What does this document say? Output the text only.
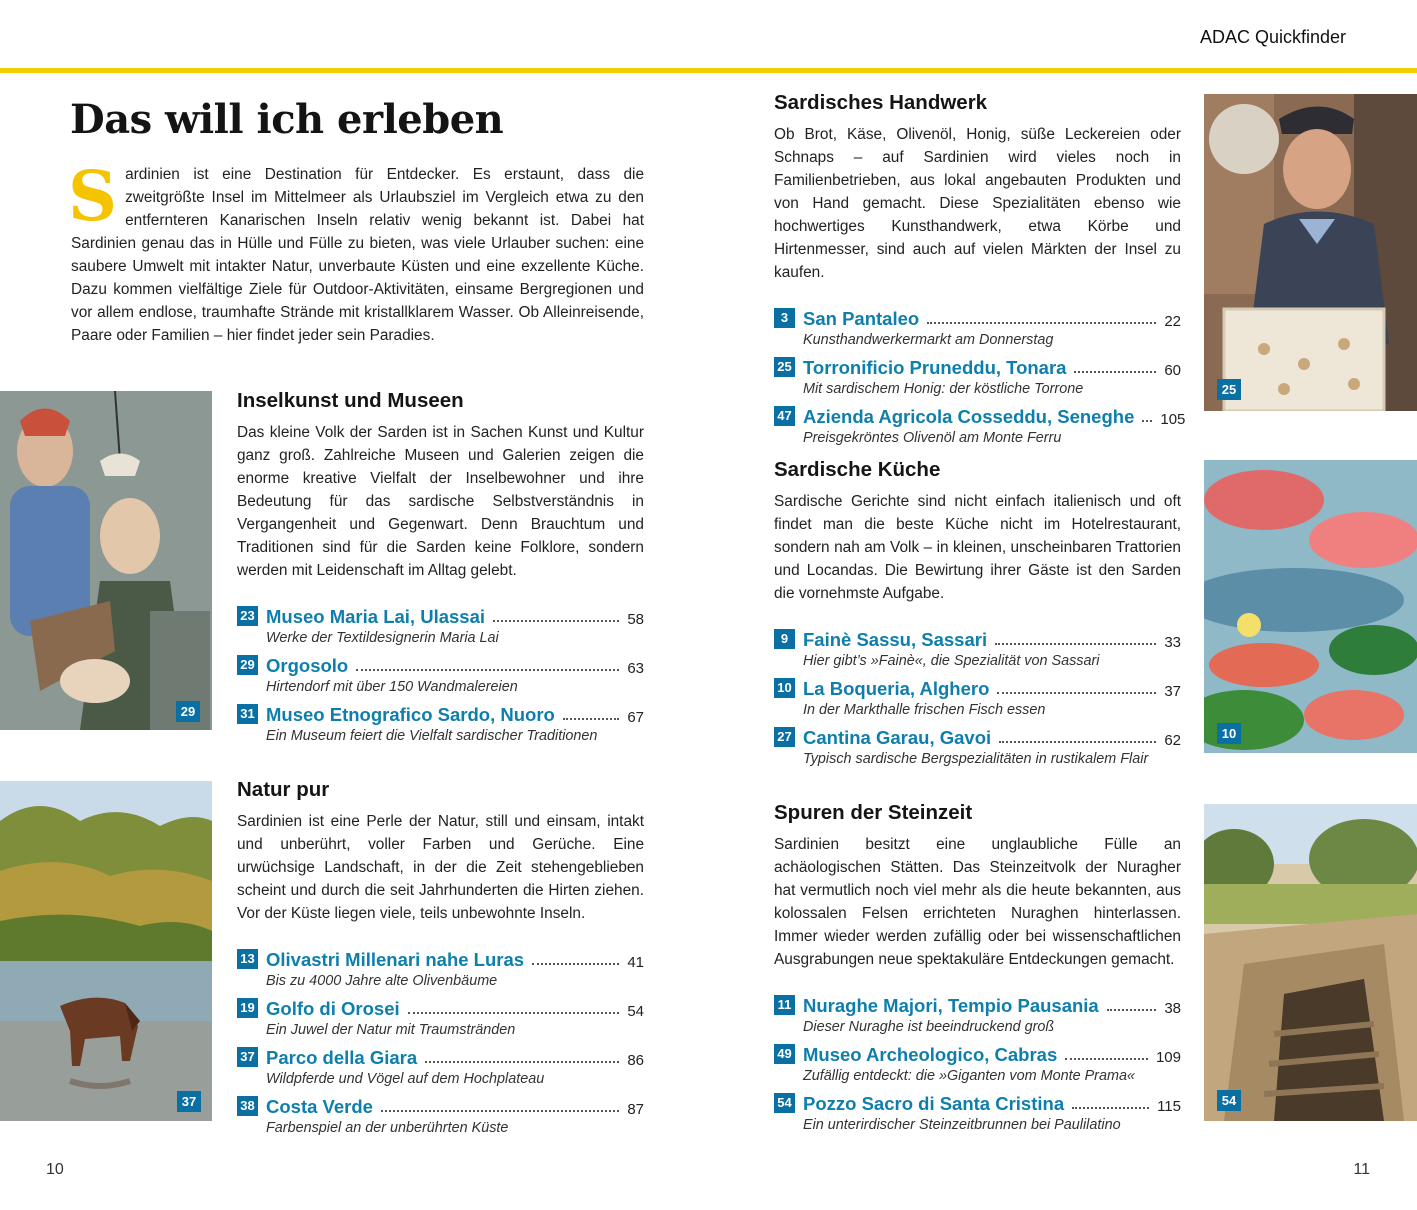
ADAC Quickfinder
Das will ich erleben

Sardinien ist eine Destination für Entdecker. Es erstaunt, dass die zweitgrößte Insel im Mittelmeer als Urlaubsziel im Vergleich etwa zu den entfernteren Kanarischen Inseln relativ wenig bekannt ist. Dabei hat Sardinien genau das in Hülle und Fülle zu bieten, was viele Urlauber suchen: eine saubere Umwelt mit intakter Natur, unverbaute Küsten und eine exzellente Küche. Dazu kommen vielfältige Ziele für Outdoor-Aktivitäten, einsame Bergregionen und vor allem endlose, traumhafte Strände mit kristallklarem Wasser. Ob Alleinreisende, Paare oder Familien – hier findet jeder sein Paradies.

29
37
25
10
54
Inselkunst und Museen

Das kleine Volk der Sarden ist in Sachen Kunst und Kultur ganz groß. Zahlreiche Museen und Galerien zeigen die enorme kreative Vielfalt der Inselbewohner und ihre Bedeutung für das sardische Selbstverständnis in Vergangenheit und Gegenwart. Denn Brauchtum und Traditionen sind für die Sarden keine Folklore, sondern werden mit Leidenschaft im Alltag gelebt.

23 Museo Maria Lai, Ulassai	58
Werke der Textildesignerin Maria Lai
29 Orgosolo	63
Hirtendorf mit über 150 Wandmalereien
31 Museo Etnografico Sardo, Nuoro	67
Ein Museum feiert die Vielfalt sardischer Traditionen
Natur pur

Sardinien ist eine Perle der Natur, still und einsam, intakt und unberührt, voller Farben und Gerüche. Eine urwüchsige Landschaft, in der die Zeit stehengeblieben scheint und durch die seit Jahrhunderten die Hirten ziehen. Vor der Küste liegen viele, teils unbewohnte Inseln.

13 Olivastri Millenari nahe Luras	41
Bis zu 4000 Jahre alte Olivenbäume
19 Golfo di Orosei	54
Ein Juwel der Natur mit Traumstränden
37 Parco della Giara	86
Wildpferde und Vögel auf dem Hochplateau
38 Costa Verde	87
Farbenspiel an der unberührten Küste
Sardisches Handwerk

Ob Brot, Käse, Olivenöl, Honig, süße Leckereien oder Schnaps – auf Sardinien wird vieles noch in Familienbetrieben, aus lokal angebauten Produkten und von Hand gemacht. Diese Spezialitäten ebenso wie hochwertiges Kunsthandwerk, etwa Körbe und Hirtenmesser, sind auch auf vielen Märkten der Insel zu kaufen.

3 San Pantaleo	22
Kunsthandwerkermarkt am Donnerstag
25 Torronificio Pruneddu, Tonara	60
Mit sardischem Honig: der köstliche Torrone
47 Azienda Agricola Cosseddu, Seneghe 105
Preisgekröntes Olivenöl am Monte Ferru
Sardische Küche

Sardische Gerichte sind nicht einfach italienisch und oft findet man die beste Küche nicht im Hotelrestaurant, sondern nah am Volk – in kleinen, unscheinbaren Trattorien und Locandas. Die Bewirtung ihrer Gäste ist den Sarden die vornehmste Aufgabe.

9 Fainè Sassu, Sassari	33
Hier gibt’s »Fainè«, die Spezialität von Sassari
10 La Boqueria, Alghero	37
In der Markthalle frischen Fisch essen
27 Cantina Garau, Gavoi	62
Typisch sardische Bergspezialitäten in rustikalem Flair
Spuren der Steinzeit

Sardinien besitzt eine unglaubliche Fülle an achäologischen Stätten. Das Steinzeitvolk der Nuragher hat vermutlich noch viel mehr als die heute bekannten, aus kolossalen Felsen errichteten Nuraghen hinterlassen. Immer wieder werden zufällig oder bei wissenschaftlichen Ausgrabungen neue spektakuläre Entdeckungen gemacht.

11 Nuraghe Majori, Tempio Pausania	38
Dieser Nuraghe ist beeindruckend groß
49 Museo Archeologico, Cabras	109
Zufällig entdeckt: die »Giganten vom Monte Prama«
54 Pozzo Sacro di Santa Cristina	115
Ein unterirdischer Steinzeitbrunnen bei Paulilatino
10	11
